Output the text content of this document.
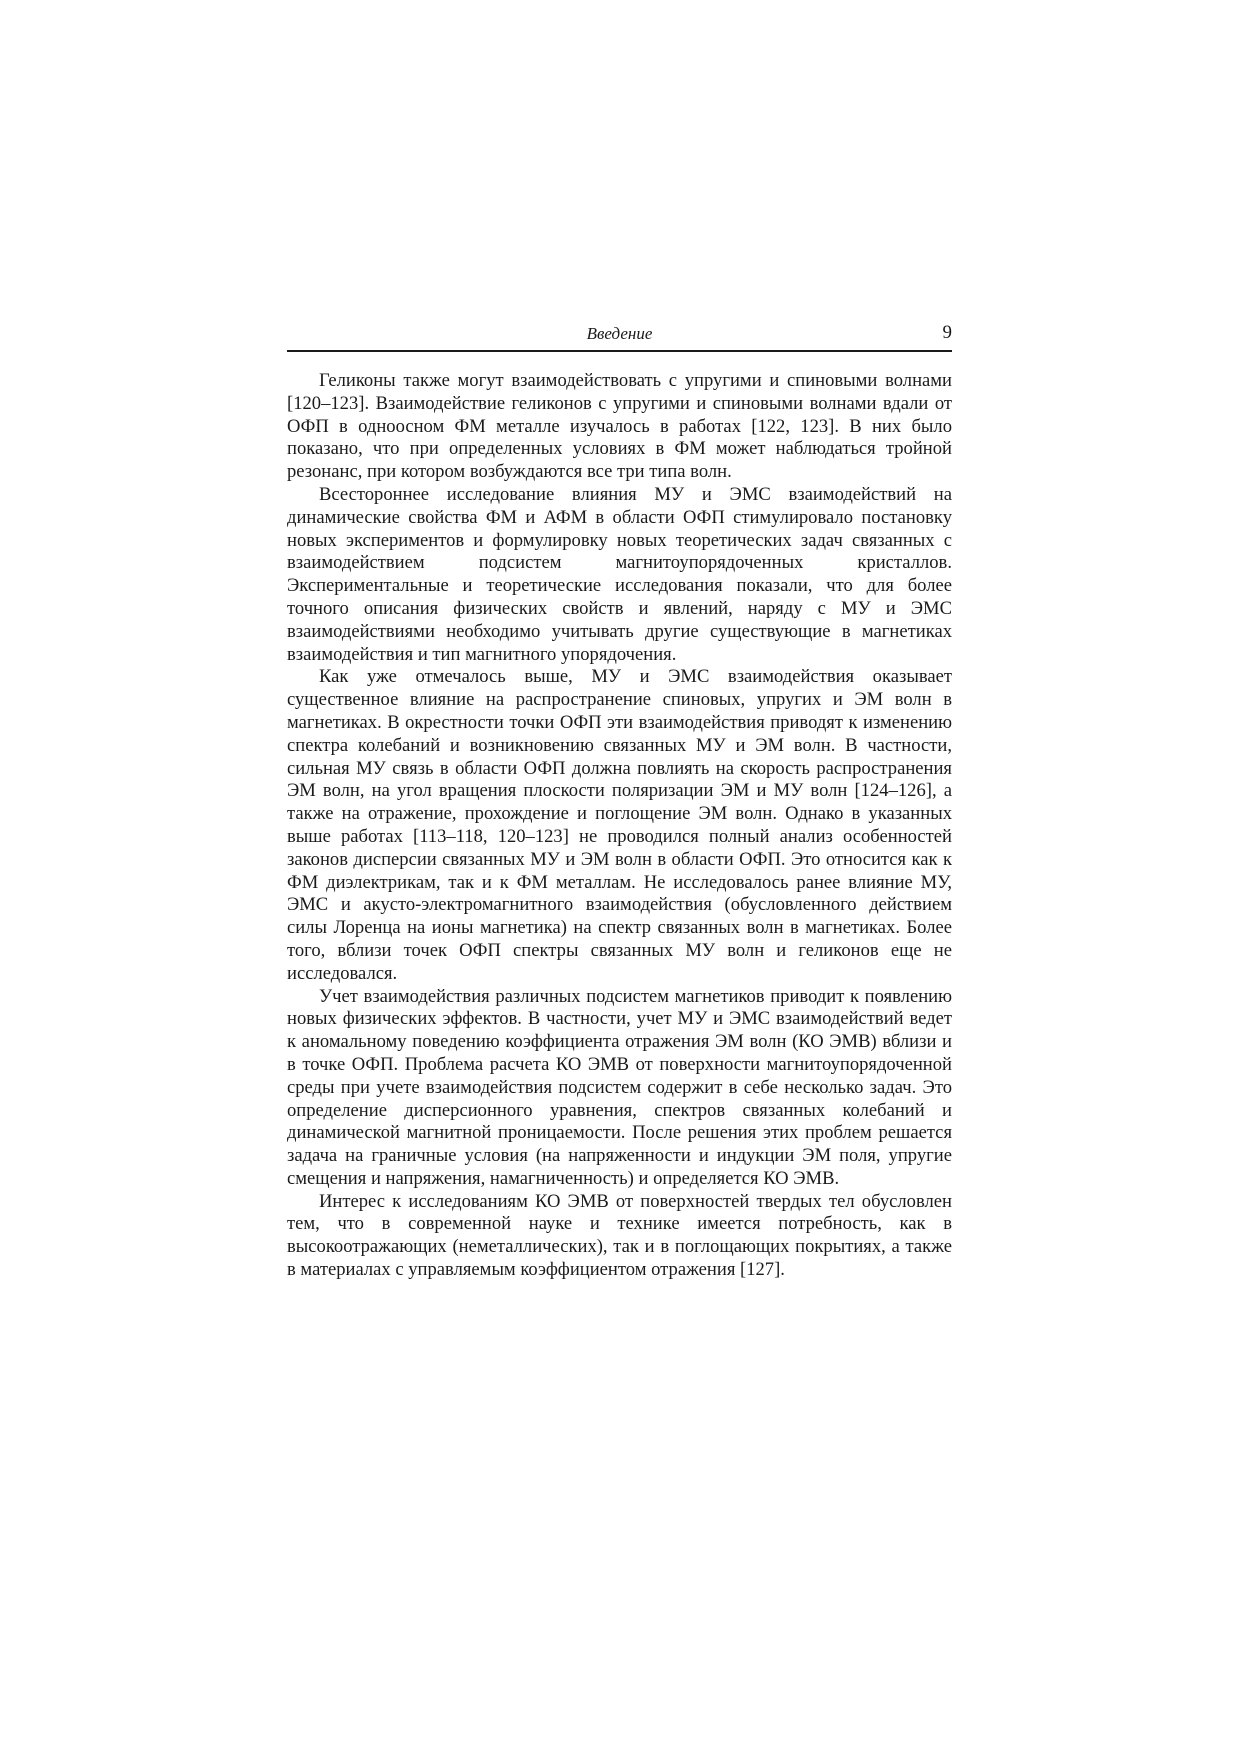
Введение	9

Геликоны также могут взаимодействовать с упругими и спиновыми волнами [120–123]. Взаимодействие геликонов с упругими и спиновыми волнами вдали от ОФП в одноосном ФМ металле изучалось в работах [122, 123]. В них было показано, что при определенных условиях в ФМ может наблюдаться тройной резонанс, при котором возбуждаются все три типа волн.

Всестороннее исследование влияния МУ и ЭМС взаимодействий на динамические свойства ФМ и АФМ в области ОФП стимулировало постановку новых экспериментов и формулировку новых теоретических задач связанных с взаимодействием подсистем магнитоупорядоченных кристаллов. Экспериментальные и теоретические исследования показали, что для более точного описания физических свойств и явлений, наряду с МУ и ЭМС взаимодействиями необходимо учитывать другие существующие в магнетиках взаимодействия и тип магнитного упорядочения.

Как уже отмечалось выше, МУ и ЭМС взаимодействия оказывает существенное влияние на распространение спиновых, упругих и ЭМ волн в магнетиках. В окрестности точки ОФП эти взаимодействия приводят к изменению спектра колебаний и возникновению связанных МУ и ЭМ волн. В частности, сильная МУ связь в области ОФП должна повлиять на скорость распространения ЭМ волн, на угол вращения плоскости поляризации ЭМ и МУ волн [124–126], а также на отражение, прохождение и поглощение ЭМ волн. Однако в указанных выше работах [113–118, 120–123] не проводился полный анализ особенностей законов дисперсии связанных МУ и ЭМ волн в области ОФП. Это относится как к ФМ диэлектрикам, так и к ФМ металлам. Не исследовалось ранее влияние МУ, ЭМС и акусто-электромагнитного взаимодействия (обусловленного действием силы Лоренца на ионы магнетика) на спектр связанных волн в магнетиках. Более того, вблизи точек ОФП спектры связанных МУ волн и геликонов еще не исследовался.

Учет взаимодействия различных подсистем магнетиков приводит к появлению новых физических эффектов. В частности, учет МУ и ЭМС взаимодействий ведет к аномальному поведению коэффициента отражения ЭМ волн (КО ЭМВ) вблизи и в точке ОФП. Проблема расчета КО ЭМВ от поверхности магнитоупорядоченной среды при учете взаимодействия подсистем содержит в себе несколько задач. Это определение дисперсионного уравнения, спектров связанных колебаний и динамической магнитной проницаемости. После решения этих проблем решается задача на граничные условия (на напряженности и индукции ЭМ поля, упругие смещения и напряжения, намагниченность) и определяется КО ЭМВ.

Интерес к исследованиям КО ЭМВ от поверхностей твердых тел обусловлен тем, что в современной науке и технике имеется потребность, как в высокоотражающих (неметаллических), так и в поглощающих покрытиях, а также в материалах с управляемым коэффициентом отражения [127].
